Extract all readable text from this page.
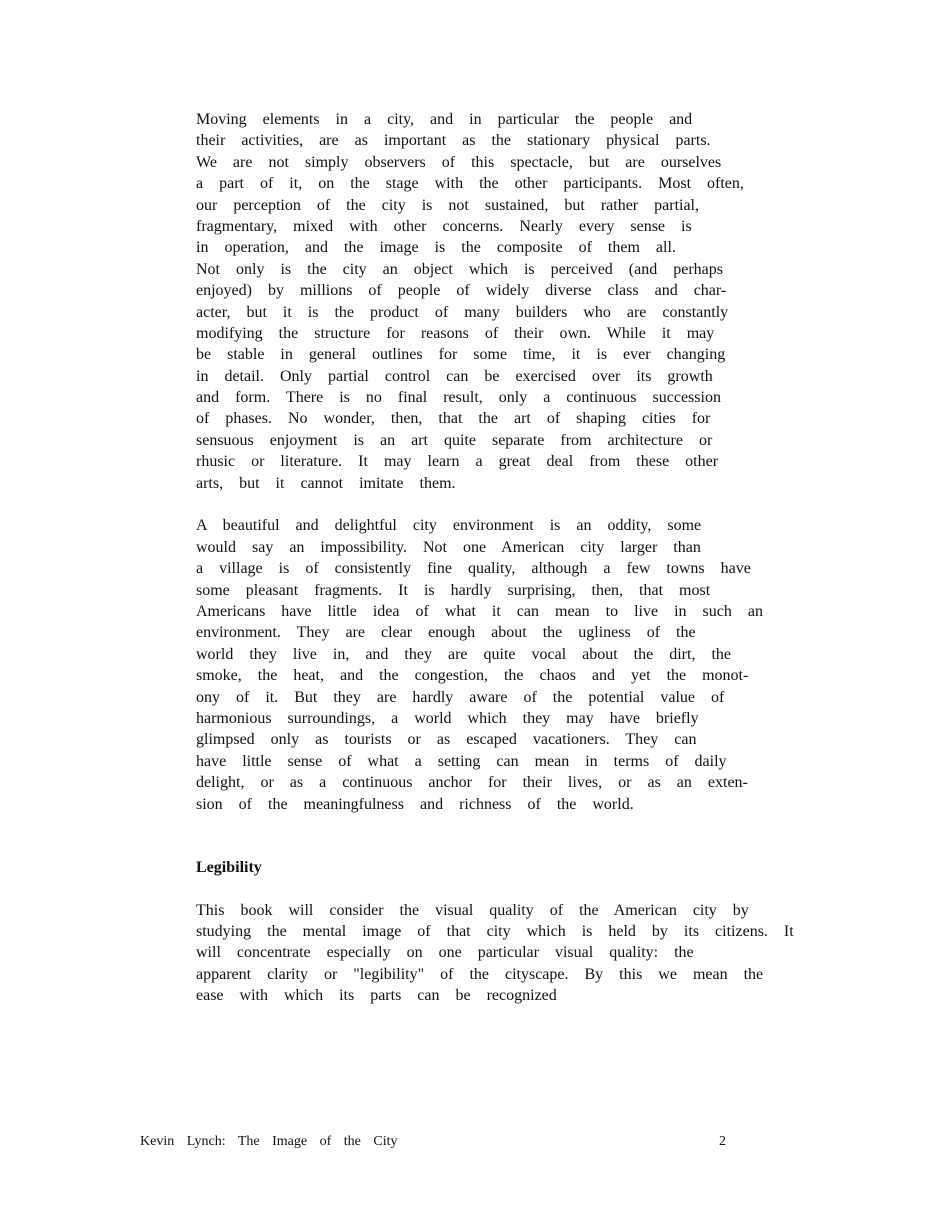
Moving elements in a city, and in particular the people and
their activities, are as important as the stationary physical parts.
We are not simply observers of this spectacle, but are ourselves
a part of it, on the stage with the other participants. Most often,
our perception of the city is not sustained, but rather partial,
fragmentary, mixed with other concerns. Nearly every sense is
in operation, and the image is the composite of them all.
Not only is the city an object which is perceived (and perhaps
enjoyed) by millions of people of widely diverse class and char-
acter, but it is the product of many builders who are constantly
modifying the structure for reasons of their own. While it may
be stable in general outlines for some time, it is ever changing
in detail. Only partial control can be exercised over its growth
and form. There is no final result, only a continuous succession
of phases. No wonder, then, that the art of shaping cities for
sensuous enjoyment is an art quite separate from architecture or
rhusic or literature. It may learn a great deal from these other
arts, but it cannot imitate them.
A beautiful and delightful city environment is an oddity, some
would say an impossibility. Not one American city larger than
a village is of consistently fine quality, although a few towns have
some pleasant fragments. It is hardly surprising, then, that most
Americans have little idea of what it can mean to live in such an
environment. They are clear enough about the ugliness of the
world they live in, and they are quite vocal about the dirt, the
smoke, the heat, and the congestion, the chaos and yet the monot-
ony of it. But they are hardly aware of the potential value of
harmonious surroundings, a world which they may have briefly
glimpsed only as tourists or as escaped vacationers. They can
have little sense of what a setting can mean in terms of daily
delight, or as a continuous anchor for their lives, or as an exten-
sion of the meaningfulness and richness of the world.
Legibility
This book will consider the visual quality of the American city by
studying the mental image of that city which is held by its citizens. It
will concentrate especially on one particular visual quality: the
apparent clarity or "legibility" of the cityscape. By this we mean the
ease with which its parts can be recognized
Kevin Lynch: The Image of the City	2
